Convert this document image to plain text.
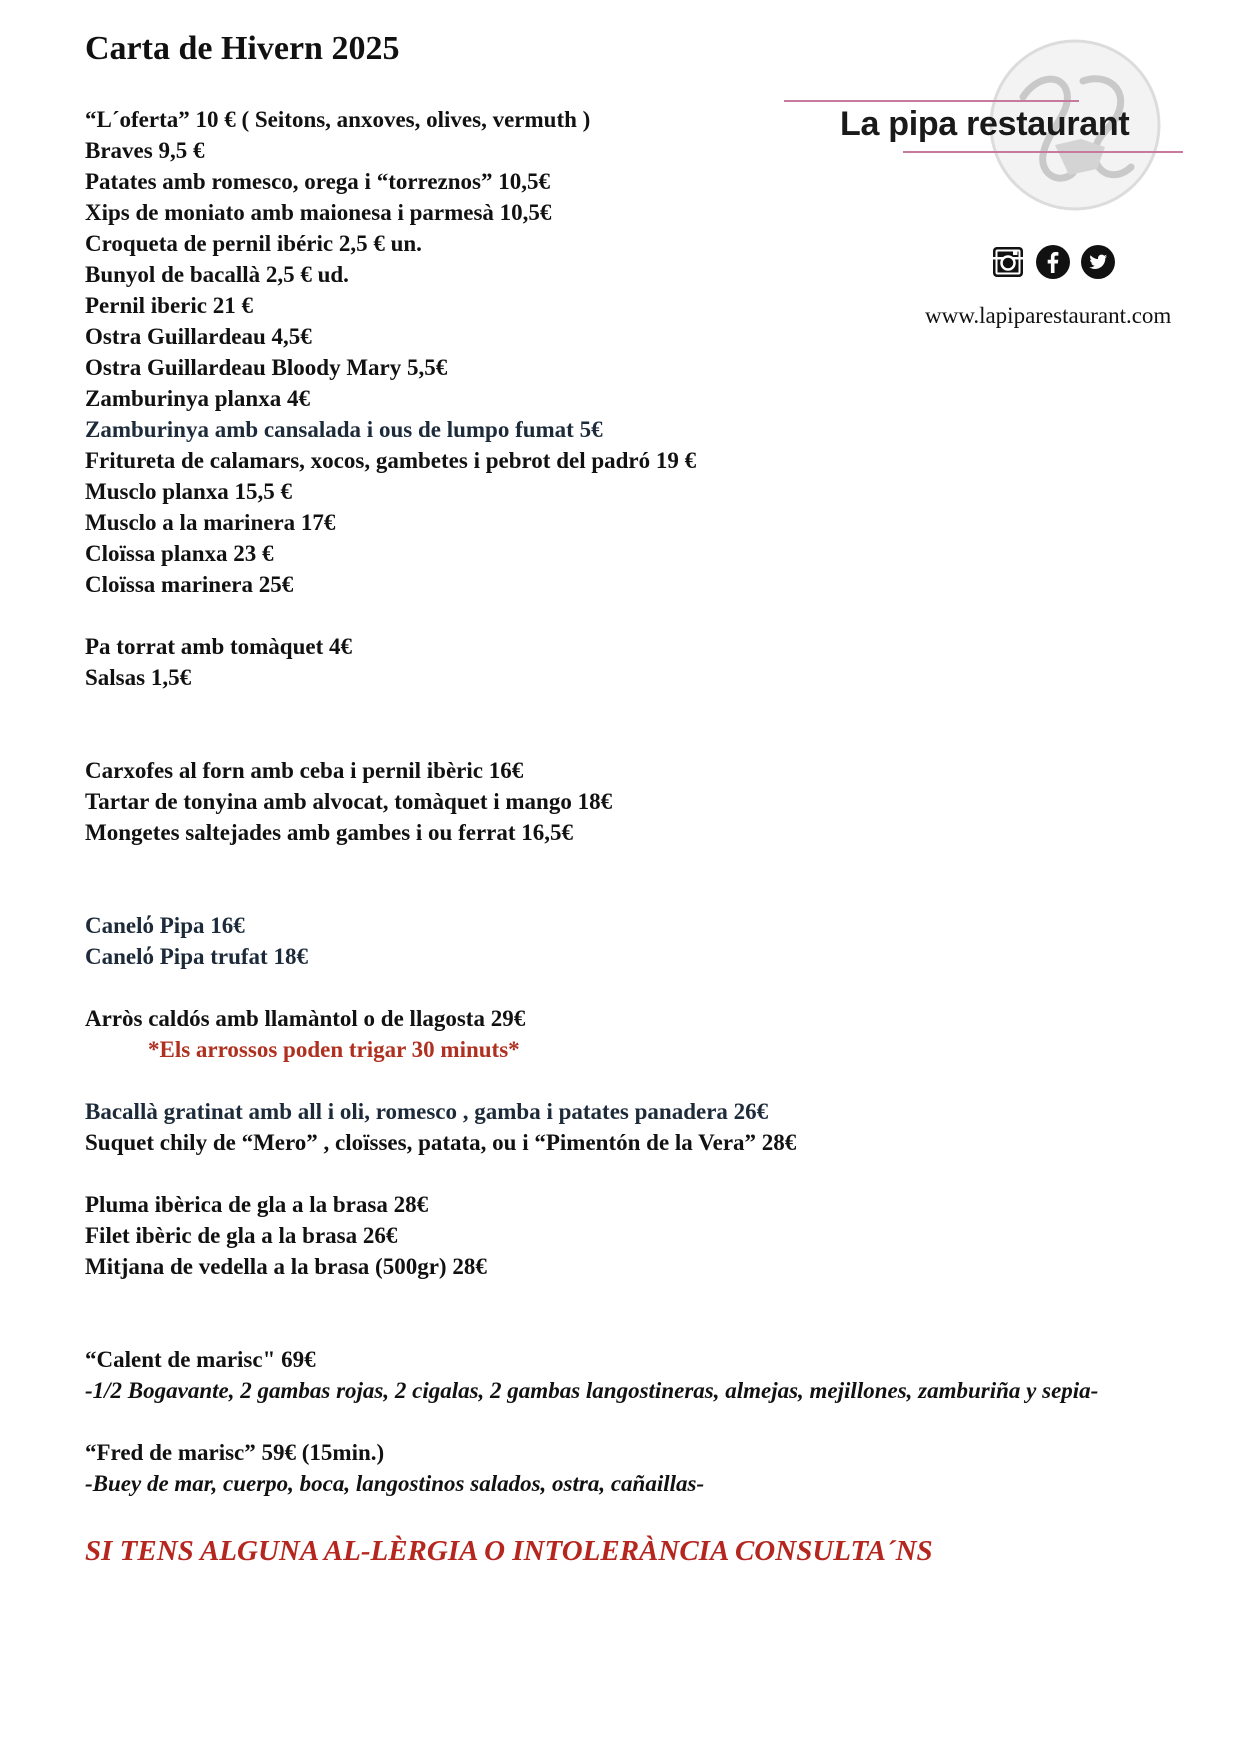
Carta de Hivern 2025
La pipa restaurant
www.lapiparestaurant.com

“L´oferta” 10 € ( Seitons, anxoves, olives, vermuth )

Braves 9,5 €

Patates amb romesco, orega i “torreznos” 10,5€

Xips de moniato amb maionesa i parmesà 10,5€

Croqueta de pernil ibéric 2,5 € un.

Bunyol de bacallà 2,5 € ud.

Pernil iberic 21 €

Ostra Guillardeau 4,5€

Ostra Guillardeau Bloody Mary 5,5€

Zamburinya planxa 4€

Zamburinya amb cansalada i ous de lumpo fumat 5€

Fritureta de calamars, xocos, gambetes i pebrot del padró 19 €

Musclo planxa 15,5 €

Musclo a la marinera 17€

Cloïssa planxa 23 €

Cloïssa marinera 25€

Pa torrat amb tomàquet 4€

Salsas 1,5€

Carxofes al forn amb ceba i pernil ibèric 16€

Tartar de tonyina amb alvocat, tomàquet i mango 18€

Mongetes saltejades amb gambes i ou ferrat 16,5€

Canelό Pipa 16€

Canelό Pipa trufat 18€

Arròs caldós amb llamàntol o de llagosta 29€

*Els arrossos poden trigar 30 minuts*

Bacallà gratinat amb all i oli, romesco , gamba i patates panadera 26€

Suquet chily de “Mero” , cloïsses, patata, ou i “Pimentón de la Vera” 28€

Pluma ibèrica de gla a la brasa 28€

Filet ibèric de gla a la brasa 26€

Mitjana de vedella a la brasa (500gr) 28€

“Calent de marisc" 69€

-1/2 Bogavante, 2 gambas rojas, 2 cigalas, 2 gambas langostineras, almejas, mejillones, zamburiña y sepia-

“Fred de marisc” 59€ (15min.)

-Buey de mar, cuerpo, boca, langostinos salados, ostra, cañaillas-

SI TENS ALGUNA AL-LÈRGIA O INTOLERÀNCIA CONSULTA´NS
